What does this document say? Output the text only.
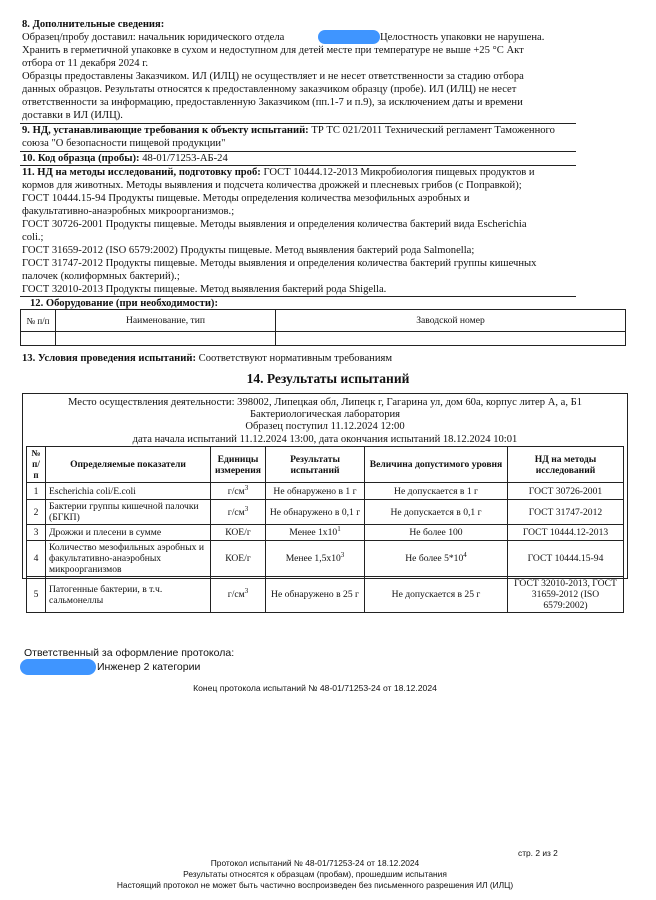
8. Дополнительные сведения:
Образец/пробу доставил: начальник юридического отдела	Целостность упаковки не нарушена.
Хранить в герметичной упаковке в сухом и недоступном для детей месте при температуре не выше +25 °C Акт
отбора от 11 декабря 2024 г.
Образцы предоставлены Заказчиком. ИЛ (ИЛЦ) не осуществляет и не несет ответственности за стадию отбора
данных образцов. Результаты относятся к предоставленному заказчиком образцу (пробе). ИЛ (ИЛЦ) не несет
ответственности за информацию, предоставленную Заказчиком (пп.1-7 и п.9), за исключением даты и времени
доставки в ИЛ (ИЛЦ).
9. НД, устанавливающие требования к объекту испытаний: ТР ТС 021/2011 Технический регламент Таможенного
союза "О безопасности пищевой продукции"
10. Код образца (пробы): 48-01/71253-АБ-24
11. НД на методы исследований, подготовку проб: ГОСТ 10444.12-2013 Микробиология пищевых продуктов и
кормов для животных. Методы выявления и подсчета количества дрожжей и плесневых грибов (с Поправкой);
ГОСТ 10444.15-94 Продукты пищевые. Методы определения количества мезофильных аэробных и
факультативно-анаэробных микроорганизмов.;
ГОСТ 30726-2001 Продукты пищевые. Методы выявления и определения количества бактерий вида Escherichia
coli.;
ГОСТ 31659-2012 (ISO 6579:2002) Продукты пищевые. Метод выявления бактерий рода Salmonella;
ГОСТ 31747-2012 Продукты пищевые. Методы выявления и определения количества бактерий группы кишечных
палочек (колиформных бактерий).;
ГОСТ 32010-2013 Продукты пищевые. Метод выявления бактерий рода Shigella.
12. Оборудование (при необходимости):
№ п/п	Наименование, тип	Заводской номер

13. Условия проведения испытаний: Соответствуют нормативным требованиям
14. Результаты испытаний
Место осуществления деятельности: 398002, Липецкая обл, Липецк г, Гагарина ул, дом 60а, корпус литер А, а, Б1
Бактериологическая лаборатория
Образец поступил 11.12.2024 12:00
дата начала испытаний 11.12.2024 13:00, дата окончания испытаний 18.12.2024 10:01
№ п/п	Определяемые показатели	Единицы измерения	Результаты испытаний	Величина допустимого уровня	НД на методы исследований
1	Escherichia coli/E.coli	$г/см^3$	Не обнаружено в 1 г	Не допускается в 1 г	ГОСТ 30726-2001
2	Бактерии группы кишечной палочки (БГКП)	$г/см^3$	Не обнаружено в 0,1 г	Не допускается в 0,1 г	ГОСТ 31747-2012
3	Дрожжи и плесени в сумме	КОЕ/г	Менее $1x10^1$	Не более 100	ГОСТ 10444.12-2013
4	Количество мезофильных аэробных и факультативно-анаэробных микроорганизмов	КОЕ/г	Менее $1,5x10^3$	Не более $5*10^4$	ГОСТ 10444.15-94
5	Патогенные бактерии, в т.ч. сальмонеллы	$г/см^3$	Не обнаружено в 25 г	Не допускается в 25 г	ГОСТ 32010-2013, ГОСТ 31659-2012 (ISO 6579:2002)
Ответственный за оформление протокола:
Инженер 2 категории
Конец протокола испытаний № 48-01/71253-24 от 18.12.2024
стр. 2 из 2
Протокол испытаний № 48-01/71253-24 от 18.12.2024
Результаты относятся к образцам (пробам), прошедшим испытания
Настоящий протокол не может быть частично воспроизведен без письменного разрешения ИЛ (ИЛЦ)
